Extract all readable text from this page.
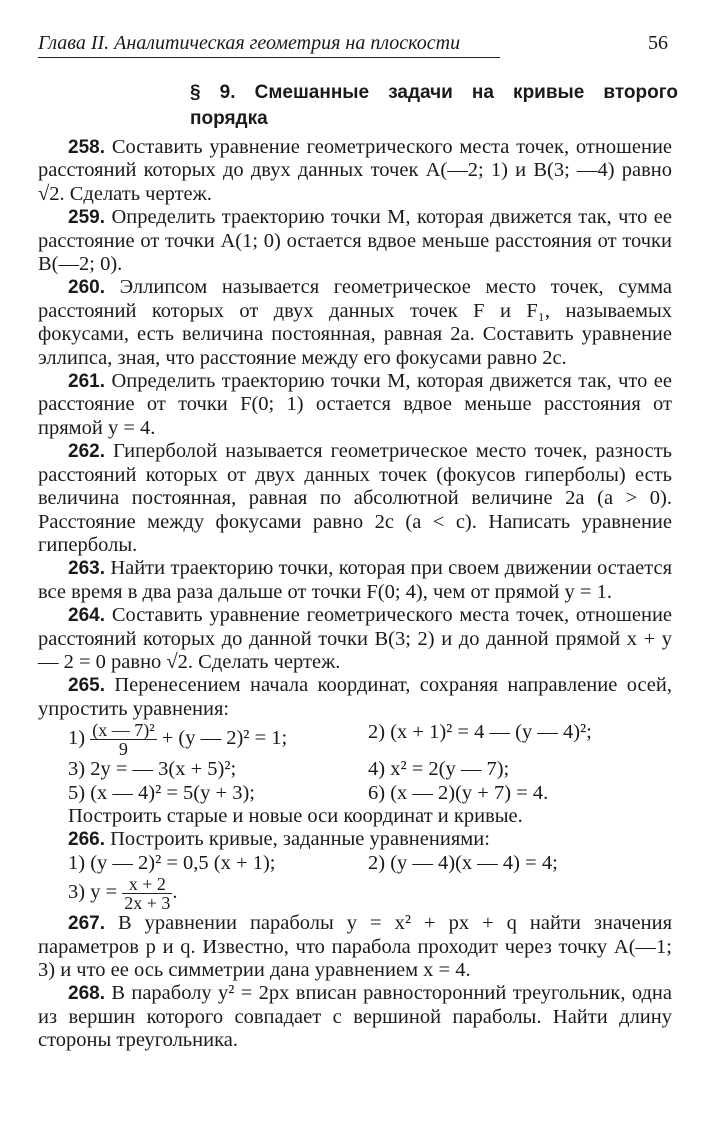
Глава II. Аналитическая геометрия на плоскости	56
§ 9. Смешанные задачи на кривые второго порядка

258. Составить уравнение геометрического места точек, отношение расстояний которых до двух данных точек A(—2; 1) и B(3; —4) равно √2. Сделать чертеж.

259. Определить траекторию точки M, которая движется так, что ее расстояние от точки A(1; 0) остается вдвое меньше расстояния от точки B(—2; 0).

260. Эллипсом называется геометрическое место точек, сумма расстояний которых от двух данных точек F и F₁, называемых фокусами, есть величина постоянная, равная 2a. Составить уравнение эллипса, зная, что расстояние между его фокусами равно 2c.

261. Определить траекторию точки M, которая движется так, что ее расстояние от точки F(0; 1) остается вдвое меньше расстояния от прямой y = 4.

262. Гиперболой называется геометрическое место точек, разность расстояний которых от двух данных точек (фокусов гиперболы) есть величина постоянная, равная по абсолютной величине 2a (a > 0). Расстояние между фокусами равно 2c (a < c). Написать уравнение гиперболы.

263. Найти траекторию точки, которая при своем движении остается все время в два раза дальше от точки F(0; 4), чем от прямой y = 1.

264. Составить уравнение геометрического места точек, отношение расстояний которых до данной точки B(3; 2) и до данной прямой x + y — 2 = 0 равно √2. Сделать чертеж.

265. Перенесением начала координат, сохраняя направление осей, упростить уравнения:

$1) \frac{\text{(x — 7)²}}{9} + (y$ — 2)² = 1;	2) (x + 1)² = 4 — (y — 4)²;
3) 2y = — 3(x + 5)²;	4) x² = 2(y — 7);
5) (x — 4)² = 5(y + 3);	6) (x — 2)(y + 7) = 4.

Построить старые и новые оси координат и кривые.

266. Построить кривые, заданные уравнениями:

1) (y — 2)² = 0,5 (x + 1);	2) (y — 4)(x — 4) = 4;
3) $y = \frac{x + 2}{2x + 3}$ .

267. В уравнении параболы y = x² + px + q найти значения параметров p и q. Известно, что парабола проходит через точку A(—1; 3) и что ее ось симметрии дана уравнением x = 4.

268. В параболу y² = 2px вписан равносторонний треугольник, одна из вершин которого совпадает с вершиной параболы. Найти длину стороны треугольника.
